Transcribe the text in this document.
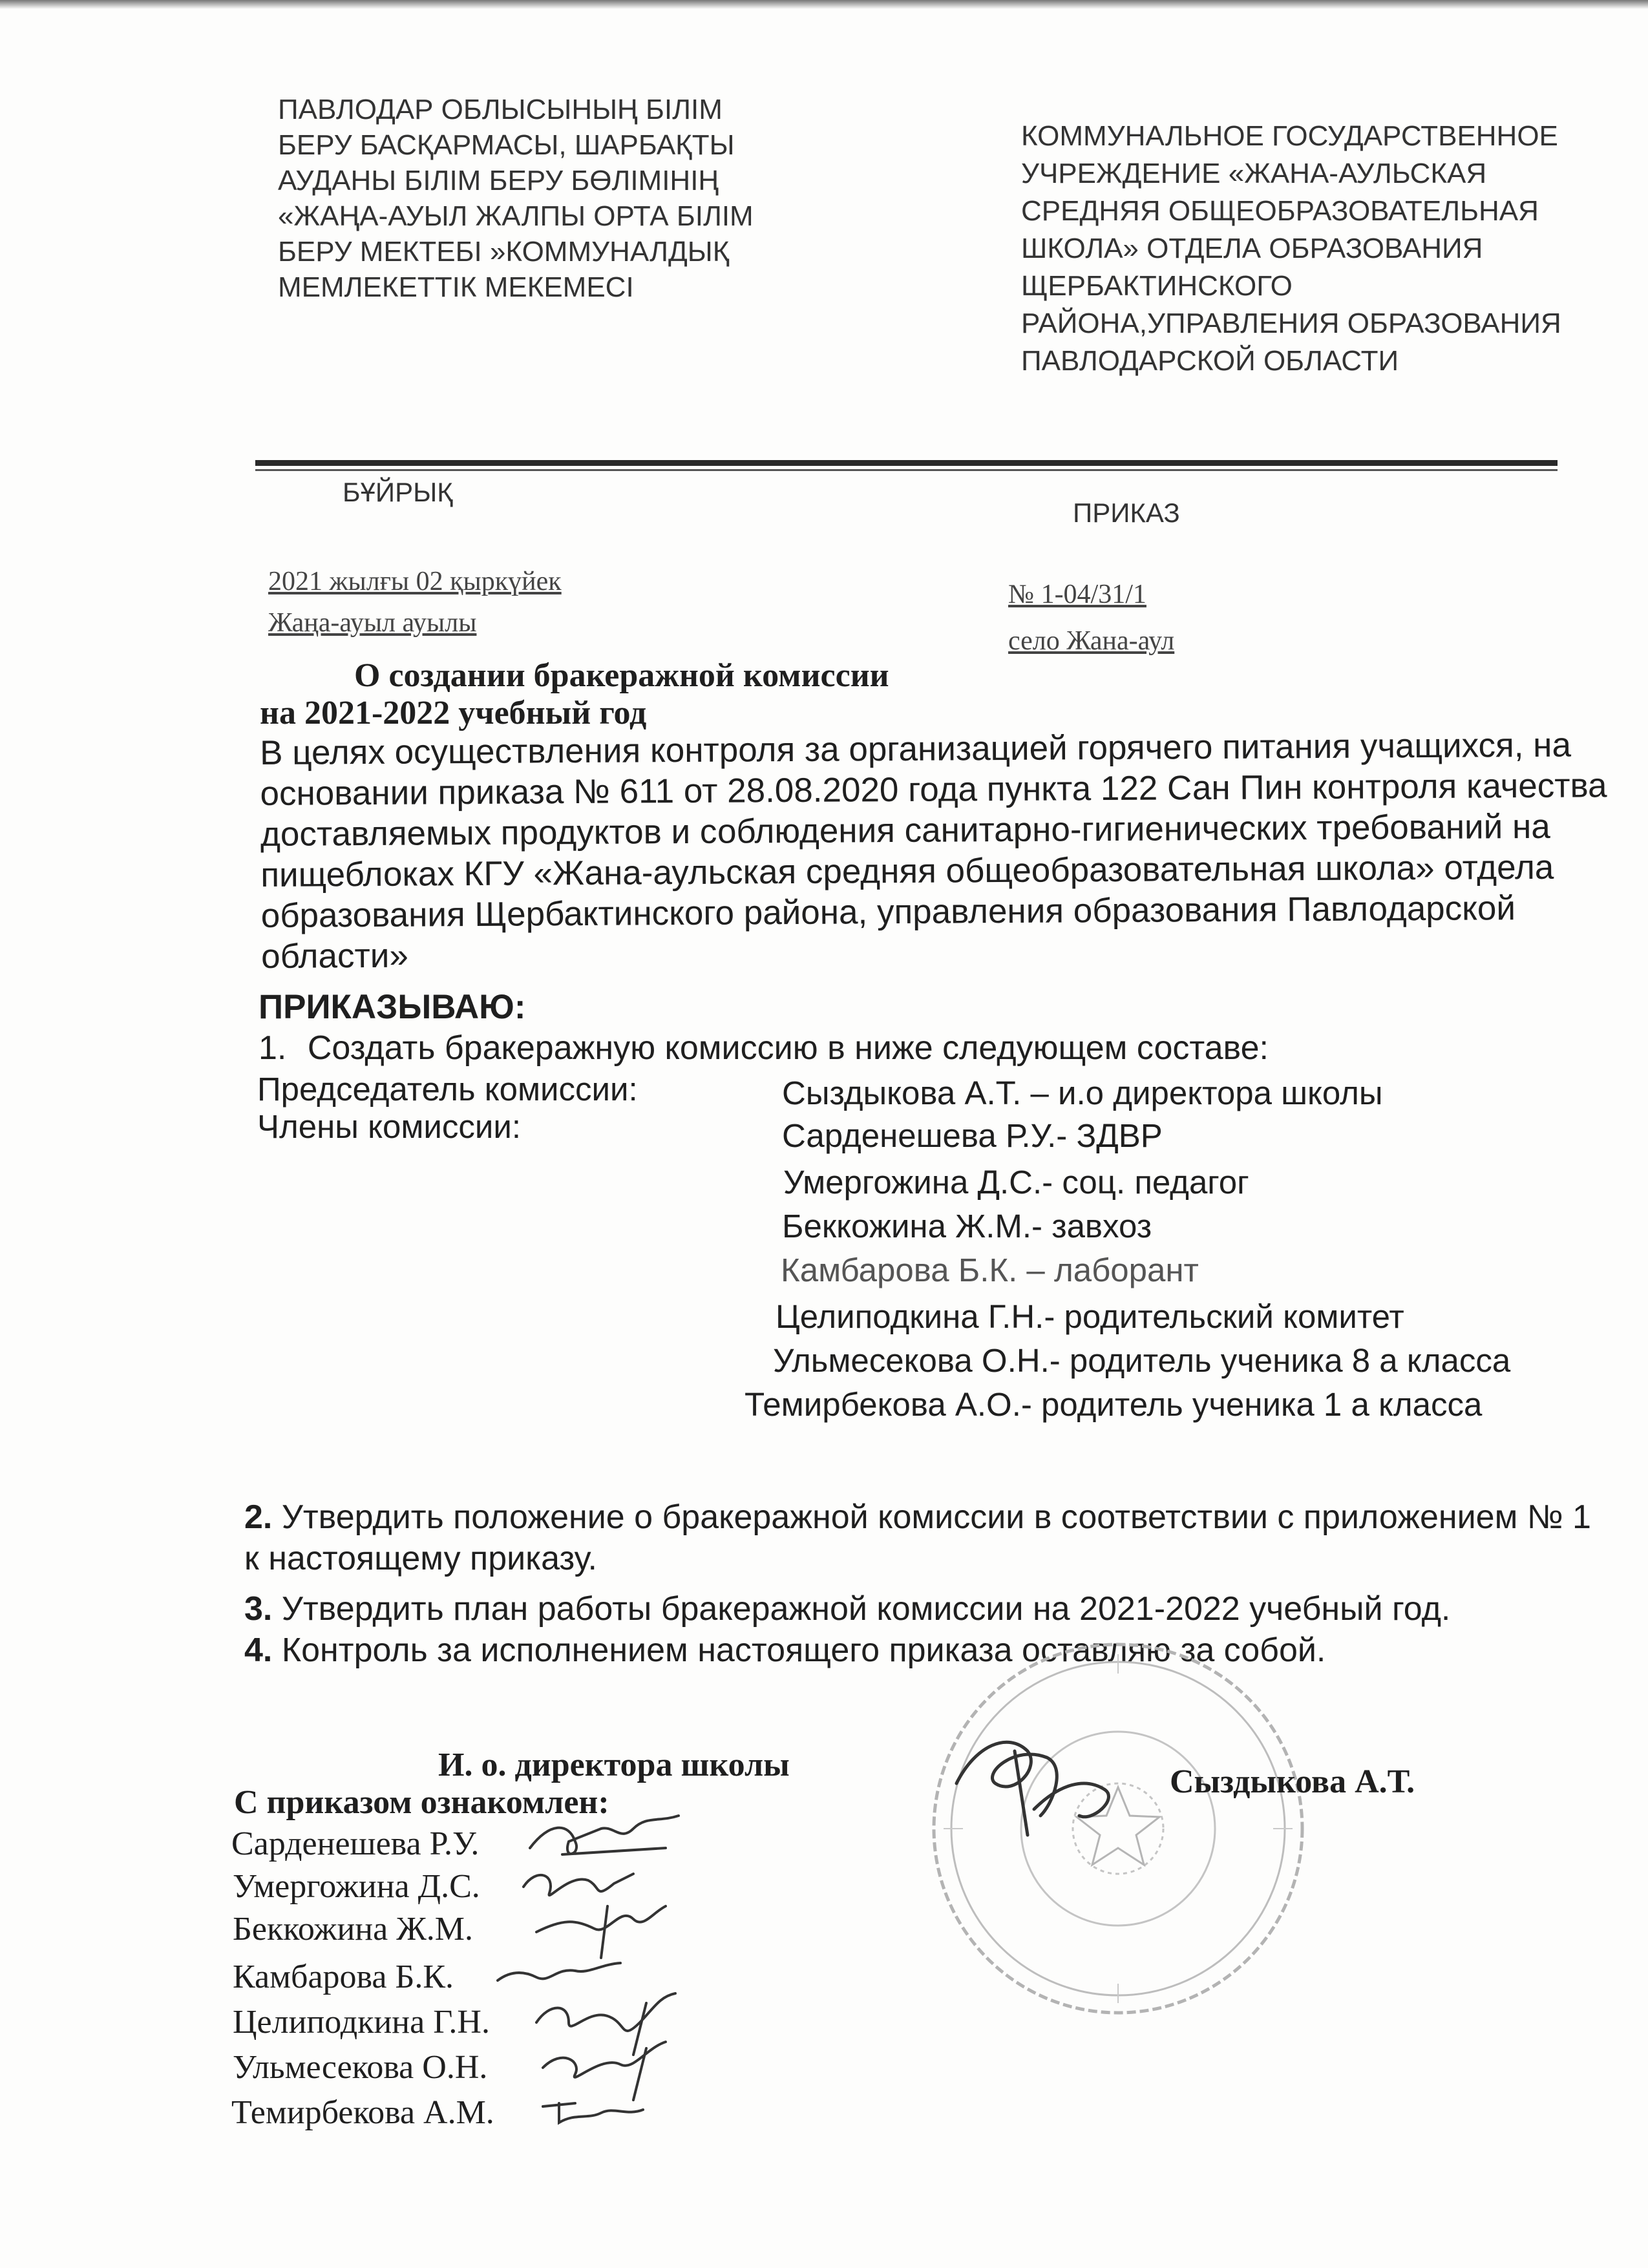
ПАВЛОДАР ОБЛЫСЫНЫҢ БІЛІМ
БЕРУ БАСҚАРМАСЫ, ШАРБАҚТЫ
АУДАНЫ БІЛІМ БЕРУ БӨЛІМІНІҢ
«ЖАҢА-АУЫЛ ЖАЛПЫ ОРТА БІЛІМ
БЕРУ МЕКТЕБІ »КОММУНАЛДЫҚ
МЕМЛЕКЕТТІК МЕКЕМЕСІ
КОММУНАЛЬНОЕ ГОСУДАРСТВЕННОЕ
УЧРЕЖДЕНИЕ «ЖАНА-АУЛЬСКАЯ
СРЕДНЯЯ ОБЩЕОБРАЗОВАТЕЛЬНАЯ
ШКОЛА» ОТДЕЛА ОБРАЗОВАНИЯ
ЩЕРБАКТИНСКОГО
РАЙОНА,УПРАВЛЕНИЯ ОБРАЗОВАНИЯ
ПАВЛОДАРСКОЙ ОБЛАСТИ
БҰЙРЫҚ
ПРИКАЗ
2021 жылғы 02 қыркүйек
Жаңа-ауыл ауылы
№ 1-04/31/1
село Жана-аул
О создании бракеражной комиссии
на 2021-2022 учебный год
В целях осуществления контроля за организацией горячего питания учащихся, на
основании приказа № 611 от 28.08.2020 года пункта 122 Сан Пин контроля качества
доставляемых продуктов и соблюдения санитарно-гигиенических требований на
пищеблоках КГУ «Жана-аульская средняя общеобразовательная школа» отдела
образования Щербактинского района, управления образования Павлодарской
области»
ПРИКАЗЫВАЮ:
1. Создать бракеражную комиссию в ниже следующем составе:
Председатель комиссии:	Сыздыкова А.Т. – и.о директора школы
Члены комиссии:	Сарденешева Р.У.- ЗДВР
Умергожина Д.С.- соц. педагог
Беккожина Ж.М.- завхоз
Камбарова Б.К. – лаборант
Целиподкина Г.Н.- родительский комитет
Ульмесекова О.Н.- родитель ученика 8 а класса
Темирбекова А.О.- родитель ученика 1 а класса
2. Утвердить положение о бракеражной комиссии в соответствии с приложением № 1
к настоящему приказу.
3. Утвердить план работы бракеражной комиссии на 2021-2022 учебный год.
4. Контроль за исполнением настоящего приказа оставляю за собой.
И. о. директора школы	Сыздыкова А.Т.
С приказом ознакомлен:
Сарденешева Р.У.
Умергожина Д.С.
Беккожина Ж.М.
Камбарова Б.К.
Целиподкина Г.Н.
Ульмесекова О.Н.
Темирбекова А.М.
